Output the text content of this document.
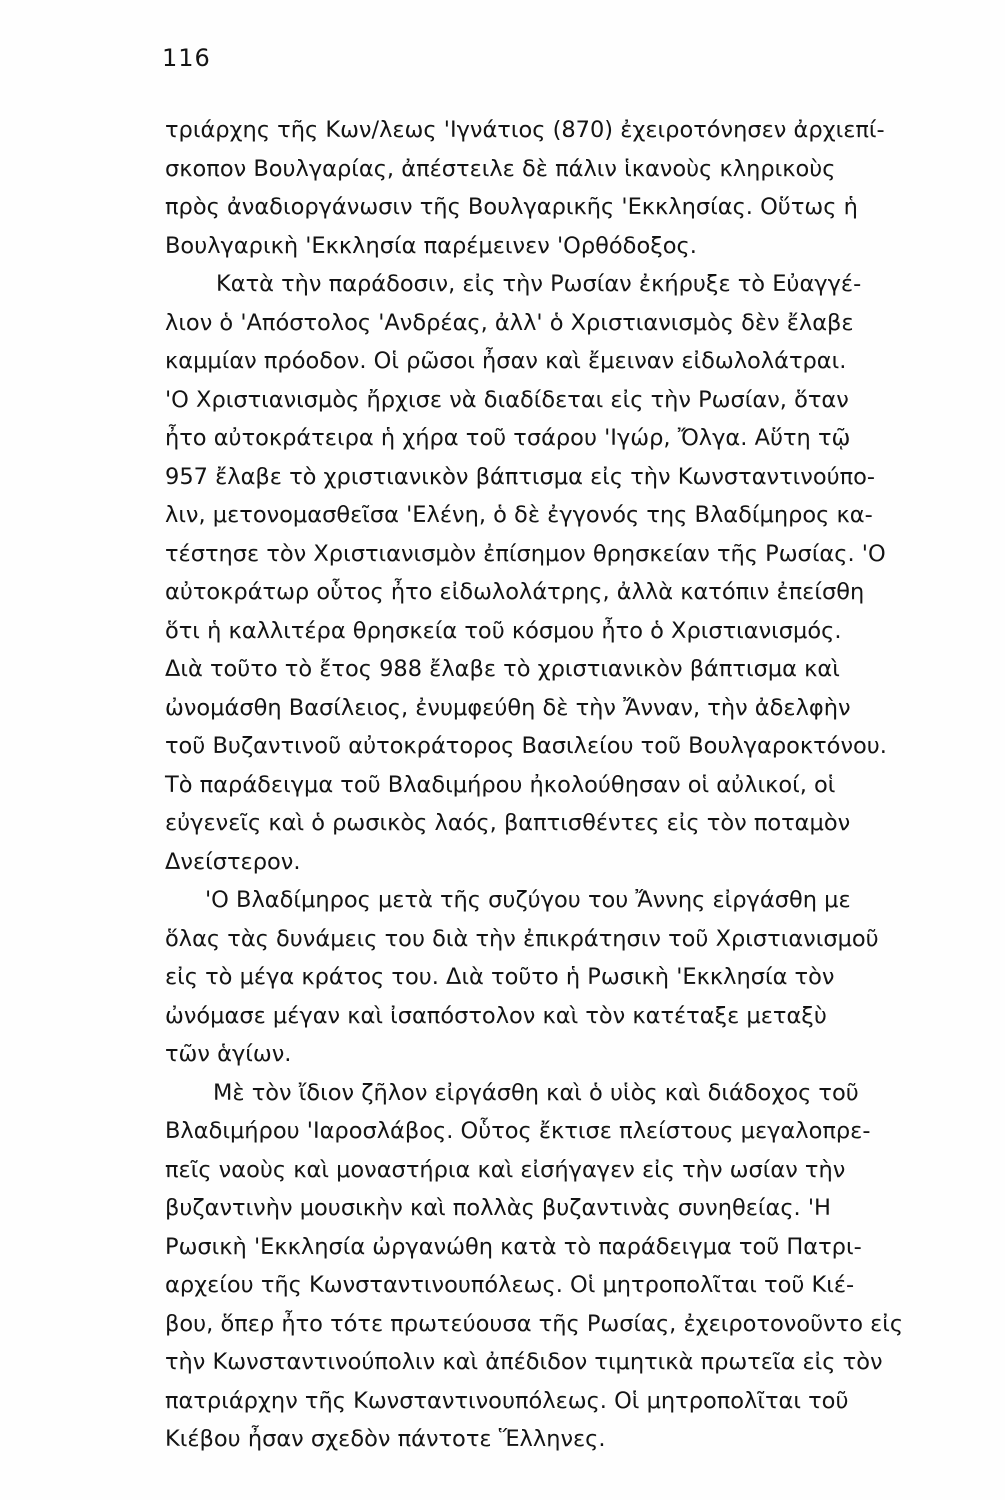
116
τριάρχης τῆς Κων/λεως 'Ιγνάτιος (870) ἐχειροτόνησεν ἀρχιεπί-
σκοπον Βουλγαρίας, ἀπέστειλε δὲ πάλιν ἱκανοὺς κληρικοὺς
πρὸς ἀναδιοργάνωσιν τῆς Βουλγαρικῆς 'Εκκλησίας. Οὕτως ἡ
Βουλγαρικὴ 'Εκκλησία παρέμεινεν 'Ορθόδοξος.
Κατὰ τὴν παράδοσιν, εἰς τὴν Ρωσίαν ἐκήρυξε τὸ Εὐαγγέ-
λιον ὁ 'Απόστολος 'Ανδρέας, ἀλλ' ὁ Χριστιανισμὸς δὲν ἔλαβε
καμμίαν πρόοδον. Οἱ ρῶσοι ἦσαν καὶ ἔμειναν εἰδωλολάτραι.
'Ο Χριστιανισμὸς ἤρχισε νὰ διαδίδεται εἰς τὴν Ρωσίαν, ὅταν
ἦτο αὐτοκράτειρα ἡ χήρα τοῦ τσάρου 'Ιγώρ, Ὄλγα. Αὕτη τῷ
957 ἔλαβε τὸ χριστιανικὸν βάπτισμα εἰς τὴν Κωνσταντινούπο-
λιν, μετονομασθεῖσα 'Ελένη, ὁ δὲ ἐγγονός της Βλαδίμηρος κα-
τέστησε τὸν Χριστιανισμὸν ἐπίσημον θρησκείαν τῆς Ρωσίας. 'Ο
αὐτοκράτωρ οὗτος ἦτο εἰδωλολάτρης, ἀλλὰ κατόπιν ἐπείσθη
ὅτι ἡ καλλιτέρα θρησκεία τοῦ κόσμου ἦτο ὁ Χριστιανισμός.
Διὰ τοῦτο τὸ ἔτος 988 ἔλαβε τὸ χριστιανικὸν βάπτισμα καὶ
ὠνομάσθη Βασίλειος, ἐνυμφεύθη δὲ τὴν Ἄνναν, τὴν ἀδελφὴν
τοῦ Βυζαντινοῦ αὐτοκράτορος Βασιλείου τοῦ Βουλγαροκτόνου.
Τὸ παράδειγμα τοῦ Βλαδιμήρου ἠκολούθησαν οἱ αὐλικοί, οἱ
εὐγενεῖς καὶ ὁ ρωσικὸς λαός, βαπτισθέντες εἰς τὸν ποταμὸν
Δνείστερον.
'Ο Βλαδίμηρος μετὰ τῆς συζύγου του Ἄννης εἰργάσθη με
ὅλας τὰς δυνάμεις του διὰ τὴν ἐπικράτησιν τοῦ Χριστιανισμοῦ
εἰς τὸ μέγα κράτος του. Διὰ τοῦτο ἡ Ρωσικὴ 'Εκκλησία τὸν
ὠνόμασε μέγαν καὶ ἰσαπόστολον καὶ τὸν κατέταξε μεταξὺ
τῶν ἁγίων.
Μὲ τὸν ἴδιον ζῆλον εἰργάσθη καὶ ὁ υἱὸς καὶ διάδοχος τοῦ
Βλαδιμήρου 'Ιαροσλάβος. Οὗτος ἔκτισε πλείστους μεγαλοπρε-
πεῖς ναοὺς καὶ μοναστήρια καὶ εἰσήγαγεν εἰς τὴν ωσίαν τὴν
βυζαντινὴν μουσικὴν καὶ πολλὰς βυζαντινὰς συνηθείας. 'Η
Ρωσικὴ 'Εκκλησία ὠργανώθη κατὰ τὸ παράδειγμα τοῦ Πατρι-
αρχείου τῆς Κωνσταντινουπόλεως. Οἱ μητροπολῖται τοῦ Κιέ-
βου, ὅπερ ἦτο τότε πρωτεύουσα τῆς Ρωσίας, ἐχειροτονοῦντο εἰς
τὴν Κωνσταντινούπολιν καὶ ἀπέδιδον τιμητικὰ πρωτεῖα εἰς τὸν
πατριάρχην τῆς Κωνσταντινουπόλεως. Οἱ μητροπολῖται τοῦ
Κιέβου ἦσαν σχεδὸν πάντοτε Ἕλληνες.
